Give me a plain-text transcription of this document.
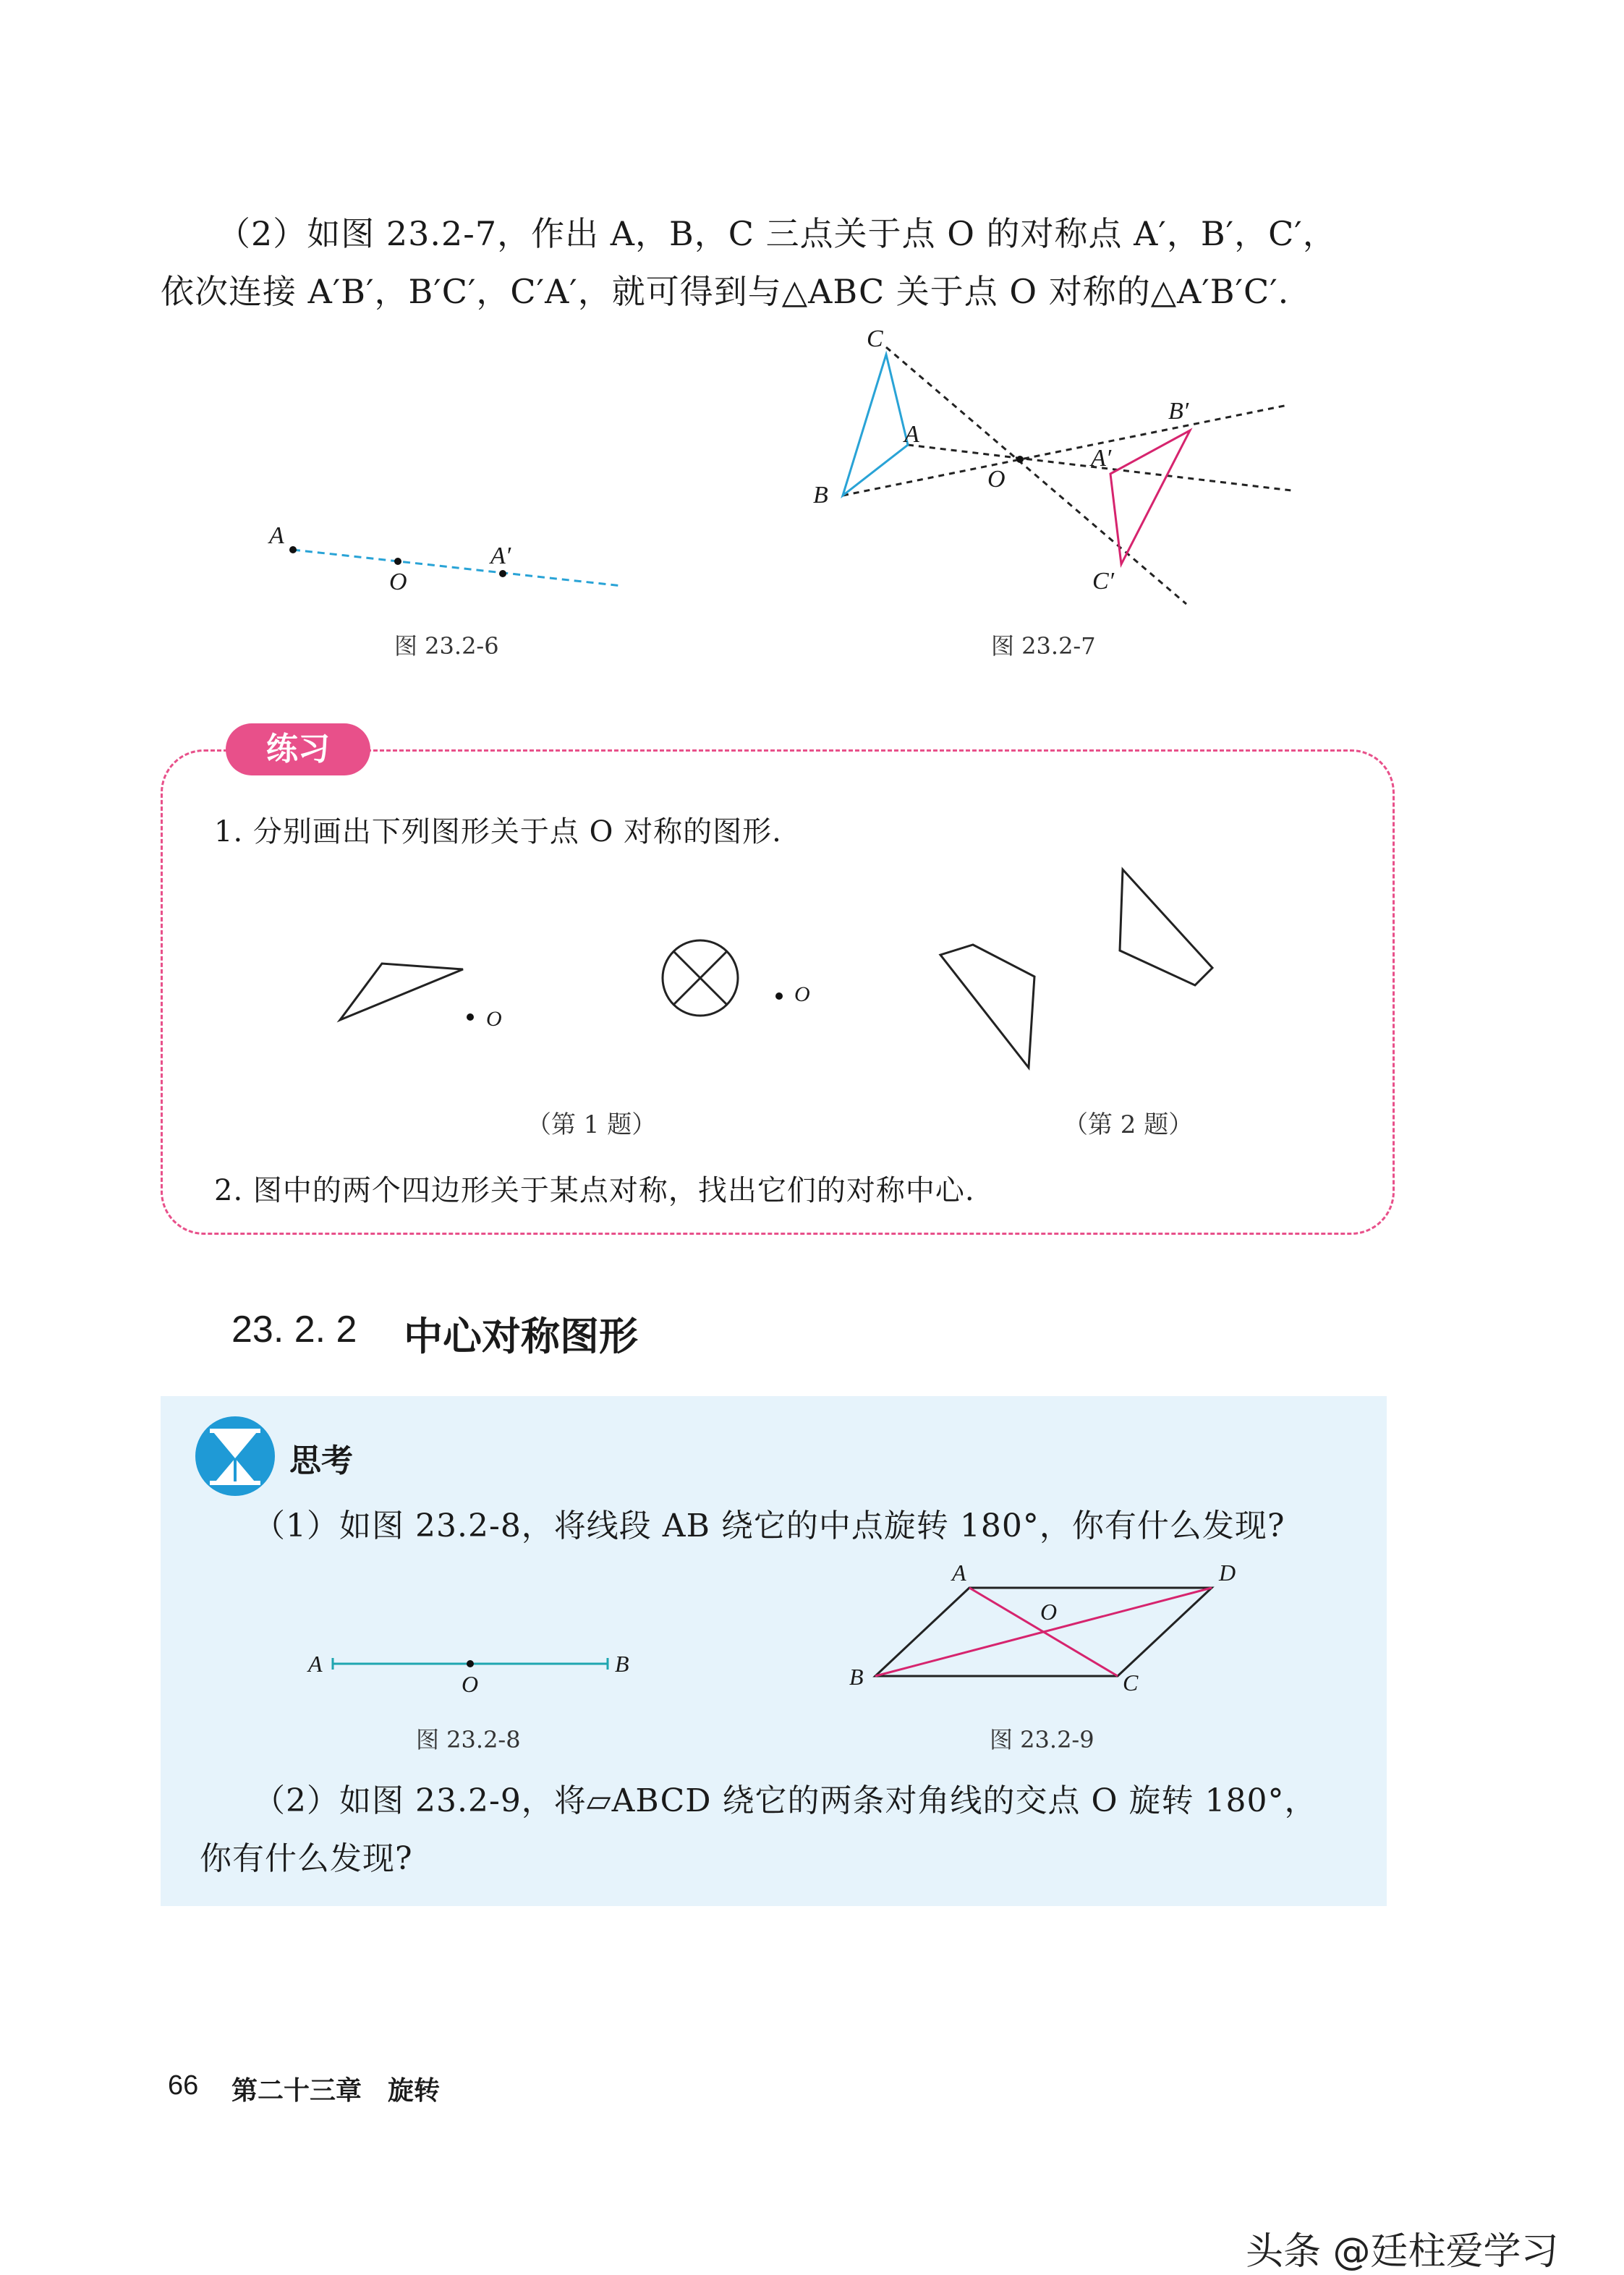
（2）如图 23.2-7，作出 A，B，C 三点关于点 O 的对称点 A′，B′，C′，
依次连接 A′B′，B′C′，C′A′，就可得到与△ABC 关于点 O 对称的△A′B′C′.
A
O
A′
图 23.2-6
C
A
B
O
A′
B′
C′
图 23.2-7
练习
1. 分别画出下列图形关于点 O 对称的图形.
O
O
（第 1 题）	（第 2 题）
2. 图中的两个四边形关于某点对称，找出它们的对称中心.
23. 2. 2 中心对称图形
思考
（1）如图 23.2-8，将线段 AB 绕它的中点旋转 180°，你有什么发现?
A
O
B
图 23.2-8
A	D
O
B	C
图 23.2-9
（2）如图 23.2-9，将▱ABCD 绕它的两条对角线的交点 O 旋转 180°，
你有什么发现?
66 第二十三章　旋转
头条 @廷柱爱学习
